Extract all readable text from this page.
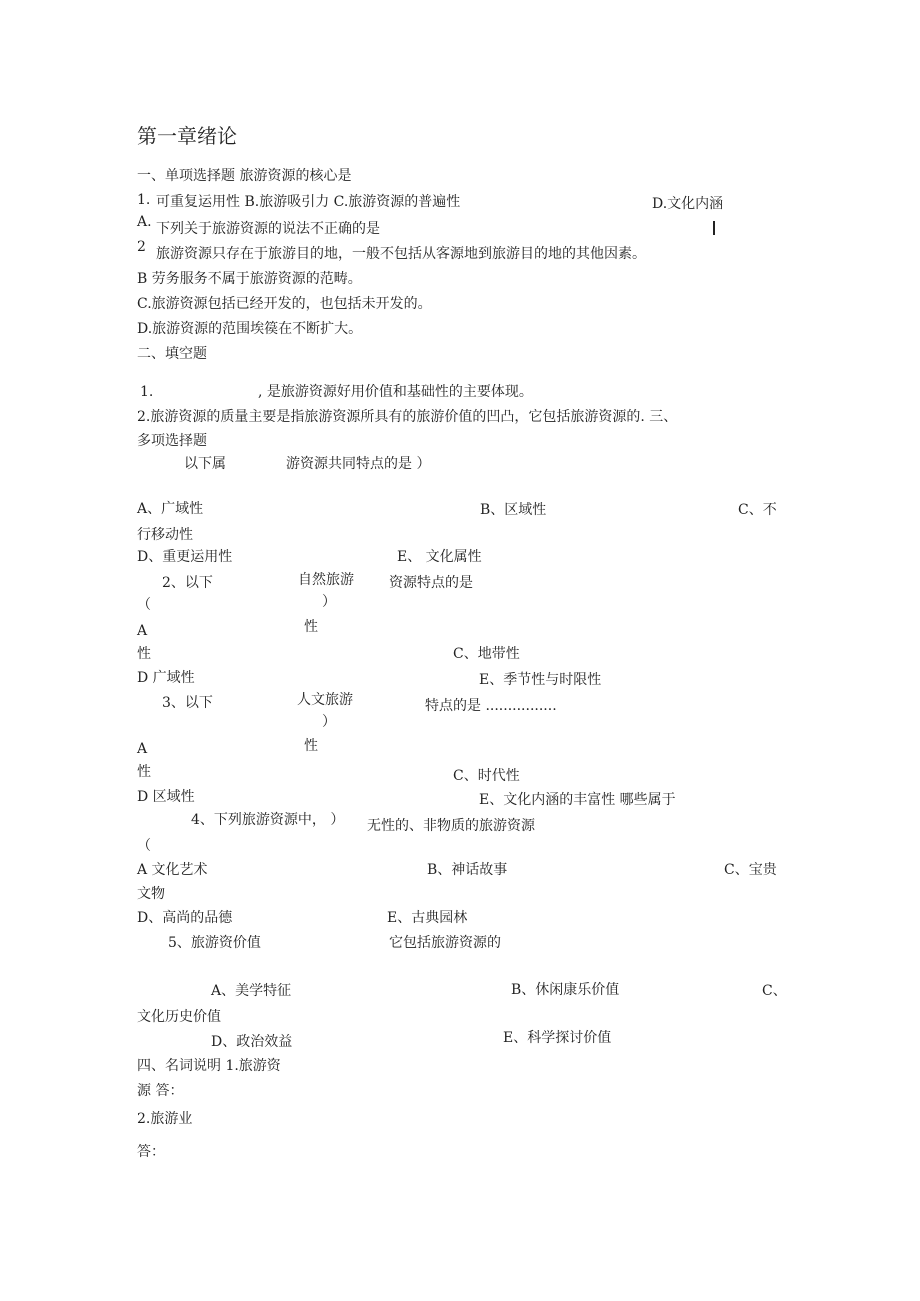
第一章绪论
一、单项选择题 旅游资源的核心是
1. 可重复运用性 B.旅游吸引力 C.旅游资源的普遍性	D.文化内涵
A. 下列关于旅游资源的说法不正确的是
2 旅游资源只存在于旅游目的地，一般不包括从客源地到旅游目的地的其他因素。
B 劳务服务不属于旅游资源的范畴。
C.旅游资源包括已经开发的，也包括未开发的。
D.旅游资源的范围埃篌在不断扩大。
二、填空题
1.	, 是旅游资源好用价值和基础性的主要体现。
2.旅游资源的质量主要是指旅游资源所具有的旅游价值的凹凸，它包括旅游资源的. 三、
多项选择题
以下属	游资源共同特点的是 ）
A、广域性	B、区域性	C、不
行移动性
D、重更运用性	E、 文化属性
2、以下	自然旅游	资源特点的是
（	）
A	性
性	C、地带性
D 广域性	E、季节性与时限性
3、以下	人文旅游	特点的是 ................
）
A	性
性	C、时代性
D 区域性	E、文化内涵的丰富性 哪些属于
4、下列旅游资源中， ） 无性的、非物质的旅游资源
（
A 文化艺术	B、神话故事	C、宝贵
文物
D、高尚的品德	E、古典园林
5、旅游资价值	它包括旅游资源的
A、美学特征	B、休闲康乐价值	C、
文化历史价值
D、政治效益	E、科学探讨价值
四、名词说明 1.旅游资
源 答：
2.旅游业
答：
